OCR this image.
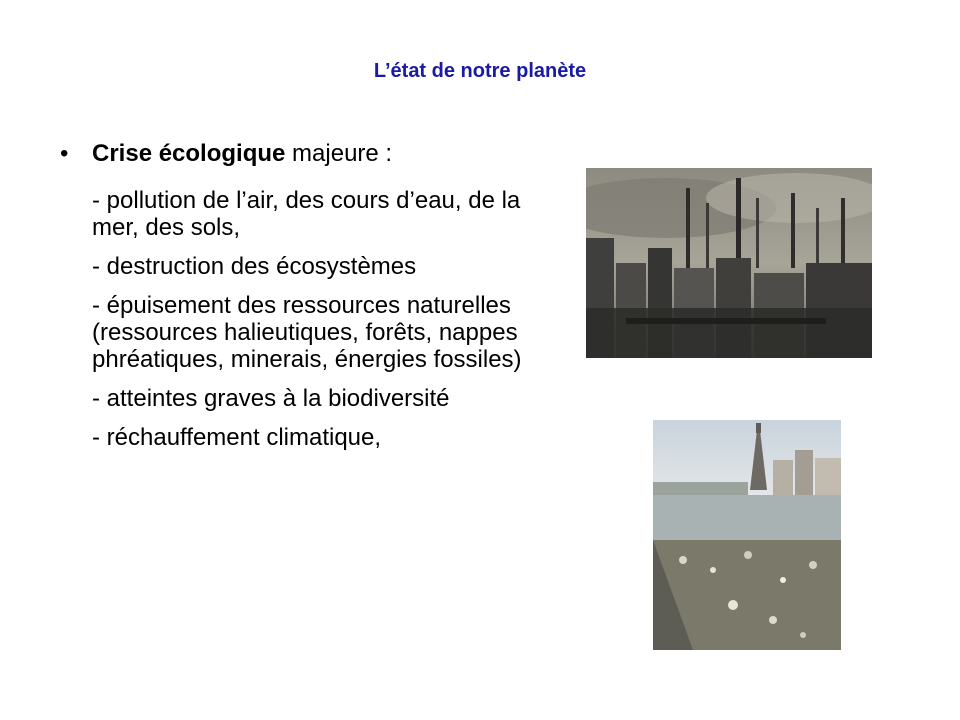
L’état de notre planète
• Crise écologique majeure :
- pollution de l’air, des cours d’eau, de la mer, des sols,
- destruction des écosystèmes
- épuisement des ressources naturelles (ressources halieutiques, forêts, nappes phréatiques, minerais, énergies fossiles)
- atteintes graves à la biodiversité
- réchauffement climatique,
